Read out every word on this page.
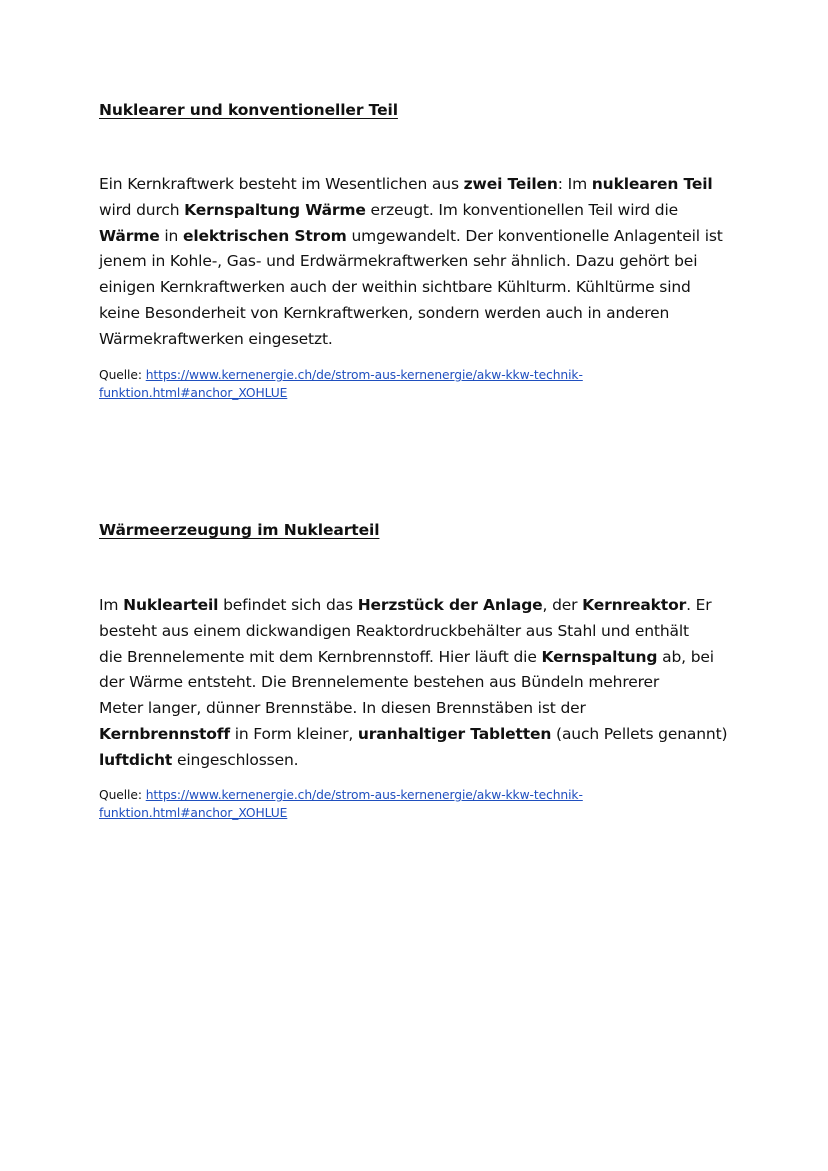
Nuklearer und konventioneller Teil

Ein Kernkraftwerk besteht im Wesentlichen aus zwei Teilen: Im nuklearen Teil
wird durch Kernspaltung Wärme erzeugt. Im konventionellen Teil wird die
Wärme in elektrischen Strom umgewandelt. Der konventionelle Anlagenteil ist
jenem in Kohle-, Gas- und Erdwärmekraftwerken sehr ähnlich. Dazu gehört bei
einigen Kernkraftwerken auch der weithin sichtbare Kühlturm. Kühltürme sind
keine Besonderheit von Kernkraftwerken, sondern werden auch in anderen
Wärmekraftwerken eingesetzt.

Quelle: https://www.kernenergie.ch/de/strom-aus-kernenergie/akw-kkw-technik-
funktion.html#anchor_XOHLUE

Wärmeerzeugung im Nuklearteil

Im Nuklearteil befindet sich das Herzstück der Anlage, der Kernreaktor. Er
besteht aus einem dickwandigen Reaktordruckbehälter aus Stahl und enthält
die Brennelemente mit dem Kernbrennstoff. Hier läuft die Kernspaltung ab, bei
der Wärme entsteht. Die Brennelemente bestehen aus Bündeln mehrerer
Meter langer, dünner Brennstäbe. In diesen Brennstäben ist der
Kernbrennstoff in Form kleiner, uranhaltiger Tabletten (auch Pellets genannt)
luftdicht eingeschlossen.

Quelle: https://www.kernenergie.ch/de/strom-aus-kernenergie/akw-kkw-technik-
funktion.html#anchor_XOHLUE
